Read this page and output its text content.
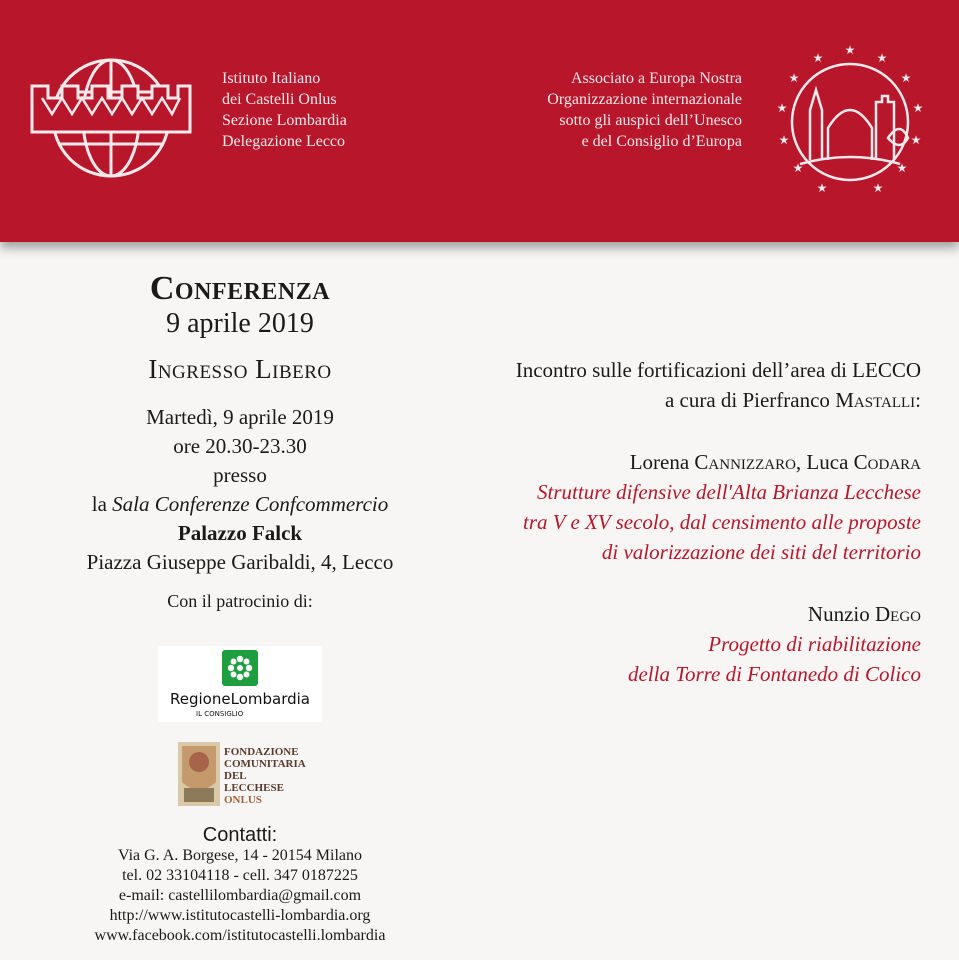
Istituto Italiano
dei Castelli Onlus
Sezione Lombardia
Delegazione Lecco
Associato a Europa Nostra
Organizzazione internazionale
sotto gli auspici dell’Unesco
e del Consiglio d’Europa
★
★
★
★
★
★
★
★
★
★
★
★
★
Conferenza
9 aprile 2019
Ingresso Libero
Martedì, 9 aprile 2019
ore 20.30-23.30
presso
la Sala Conferenze Confcommercio
Palazzo Falck
Piazza Giuseppe Garibaldi, 4, Lecco
Con il patrocinio di:
RegioneLombardia
IL CONSIGLIO
FONDAZIONE
COMUNITARIA
DEL LECCHESE
ONLUS
Contatti:
Via G. A. Borgese, 14 - 20154 Milano
tel. 02 33104118 - cell. 347 0187225
e-mail: castellilombardia@gmail.com
http://www.istitutocastelli-lombardia.org
www.facebook.com/istitutocastelli.lombardia
Incontro sulle fortificazioni dell’area di LECCO
a cura di Pierfranco Mastalli:
Lorena Cannizzaro, Luca Codara
Strutture difensive dell'Alta Brianza Lecchese
tra V e XV secolo, dal censimento alle proposte
di valorizzazione dei siti del territorio
Nunzio Dego
Progetto di riabilitazione
della Torre di Fontanedo di Colico
